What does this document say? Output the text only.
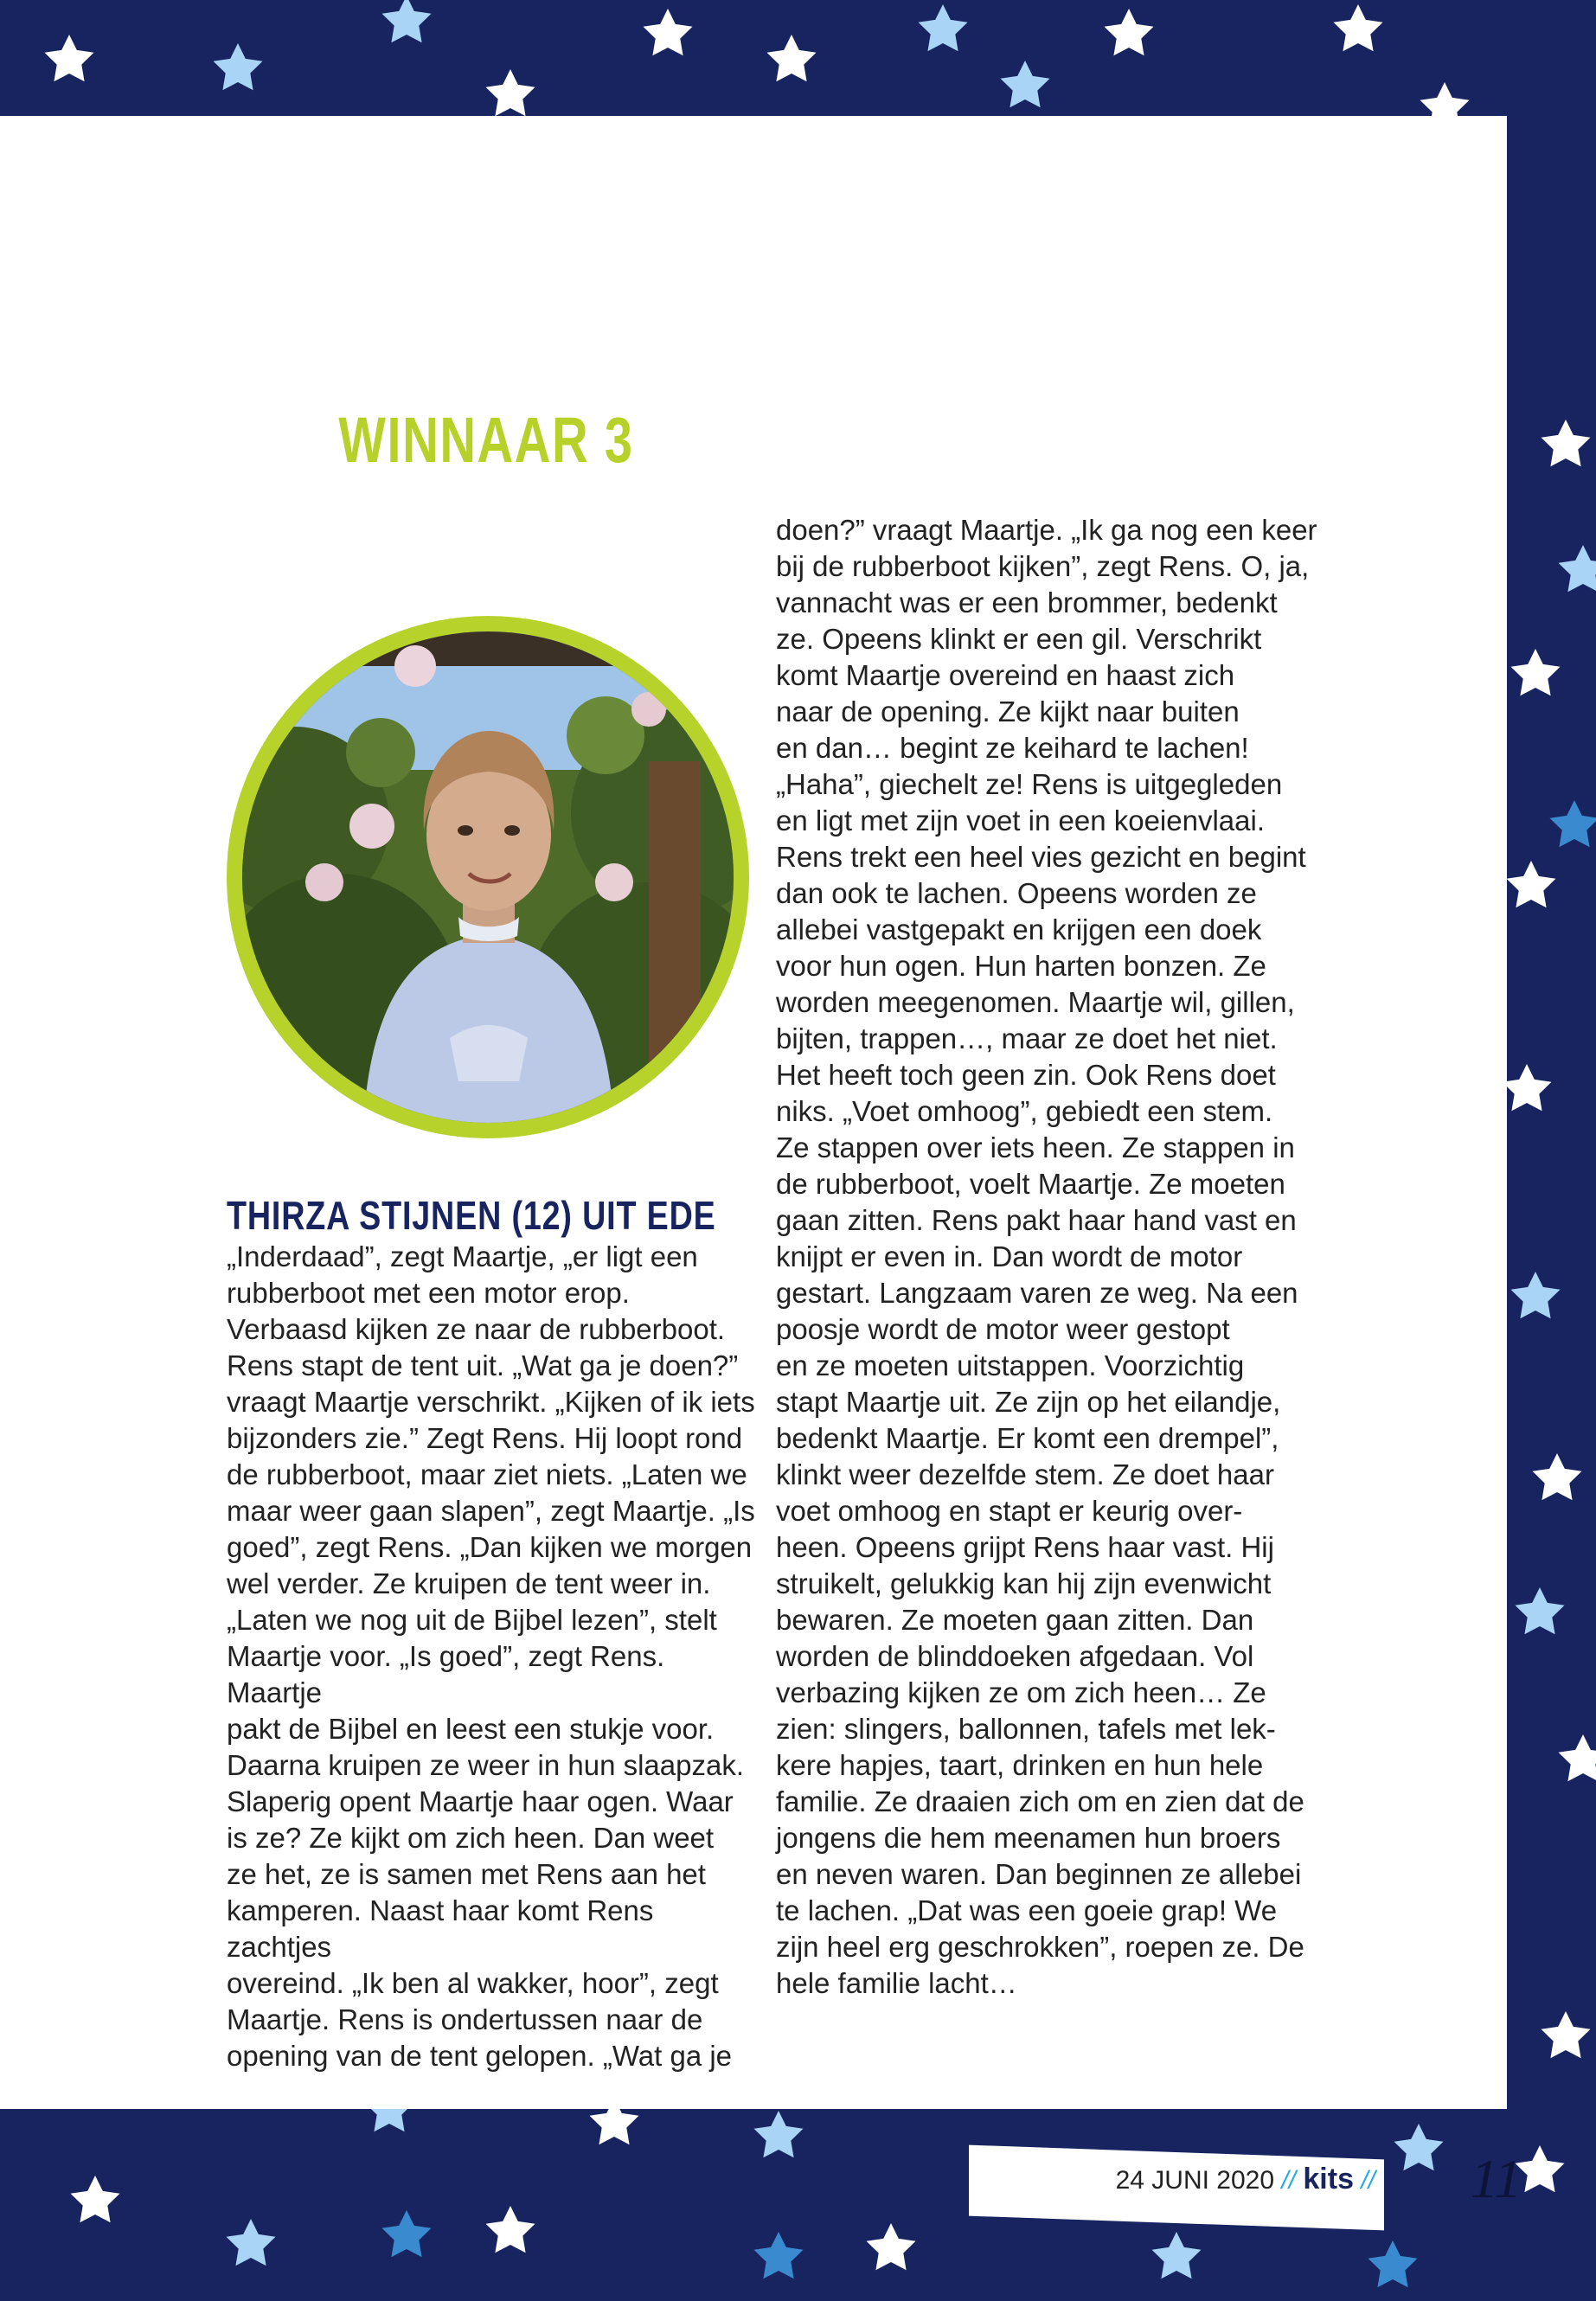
WINNAAR 3
THIRZA STIJNEN (12) UIT EDE
„Inderdaad”, zegt Maartje, „er ligt een
rubberboot met een motor erop.
Verbaasd kijken ze naar de rubberboot.
Rens stapt de tent uit. „Wat ga je doen?”
vraagt Maartje verschrikt. „Kijken of ik iets
bijzonders zie.” Zegt Rens. Hij loopt rond
de rubberboot, maar ziet niets. „Laten we
maar weer gaan slapen”, zegt Maartje. „Is
goed”, zegt Rens. „Dan kijken we morgen
wel verder. Ze kruipen de tent weer in.
„Laten we nog uit de Bijbel lezen”, stelt
Maartje voor. „Is goed”, zegt Rens. Maartje
pakt de Bijbel en leest een stukje voor.
Daarna kruipen ze weer in hun slaapzak.
Slaperig opent Maartje haar ogen. Waar
is ze? Ze kijkt om zich heen. Dan weet
ze het, ze is samen met Rens aan het
kamperen. Naast haar komt Rens zachtjes
overeind. „Ik ben al wakker, hoor”, zegt
Maartje. Rens is ondertussen naar de
opening van de tent gelopen. „Wat ga je
doen?” vraagt Maartje. „Ik ga nog een keer
bij de rubberboot kijken”, zegt Rens. O, ja,
vannacht was er een brommer, bedenkt
ze. Opeens klinkt er een gil. Verschrikt
komt Maartje overeind en haast zich
naar de opening. Ze kijkt naar buiten
en dan… begint ze keihard te lachen!
„Haha”, giechelt ze! Rens is uitgegleden
en ligt met zijn voet in een koeienvlaai.
Rens trekt een heel vies gezicht en begint
dan ook te lachen. Opeens worden ze
allebei vastgepakt en krijgen een doek
voor hun ogen. Hun harten bonzen. Ze
worden meegenomen. Maartje wil, gillen,
bijten, trappen…, maar ze doet het niet.
Het heeft toch geen zin. Ook Rens doet
niks. „Voet omhoog”, gebiedt een stem.
Ze stappen over iets heen. Ze stappen in
de rubberboot, voelt Maartje. Ze moeten
gaan zitten. Rens pakt haar hand vast en
knijpt er even in. Dan wordt de motor
gestart. Langzaam varen ze weg. Na een
poosje wordt de motor weer gestopt
en ze moeten uitstappen. Voorzichtig
stapt Maartje uit. Ze zijn op het eilandje,
bedenkt Maartje. Er komt een drempel”,
klinkt weer dezelfde stem. Ze doet haar
voet omhoog en stapt er keurig over-
heen. Opeens grijpt Rens haar vast. Hij
struikelt, gelukkig kan hij zijn evenwicht
bewaren. Ze moeten gaan zitten. Dan
worden de blinddoeken afgedaan. Vol
verbazing kijken ze om zich heen… Ze
zien: slingers, ballonnen, tafels met lek-
kere hapjes, taart, drinken en hun hele
familie. Ze draaien zich om en zien dat de
jongens die hem meenamen hun broers
en neven waren. Dan beginnen ze allebei
te lachen. „Dat was een goeie grap! We
zijn heel erg geschrokken”, roepen ze. De
hele familie lacht…
24 JUNI 2020 // kits // 11
